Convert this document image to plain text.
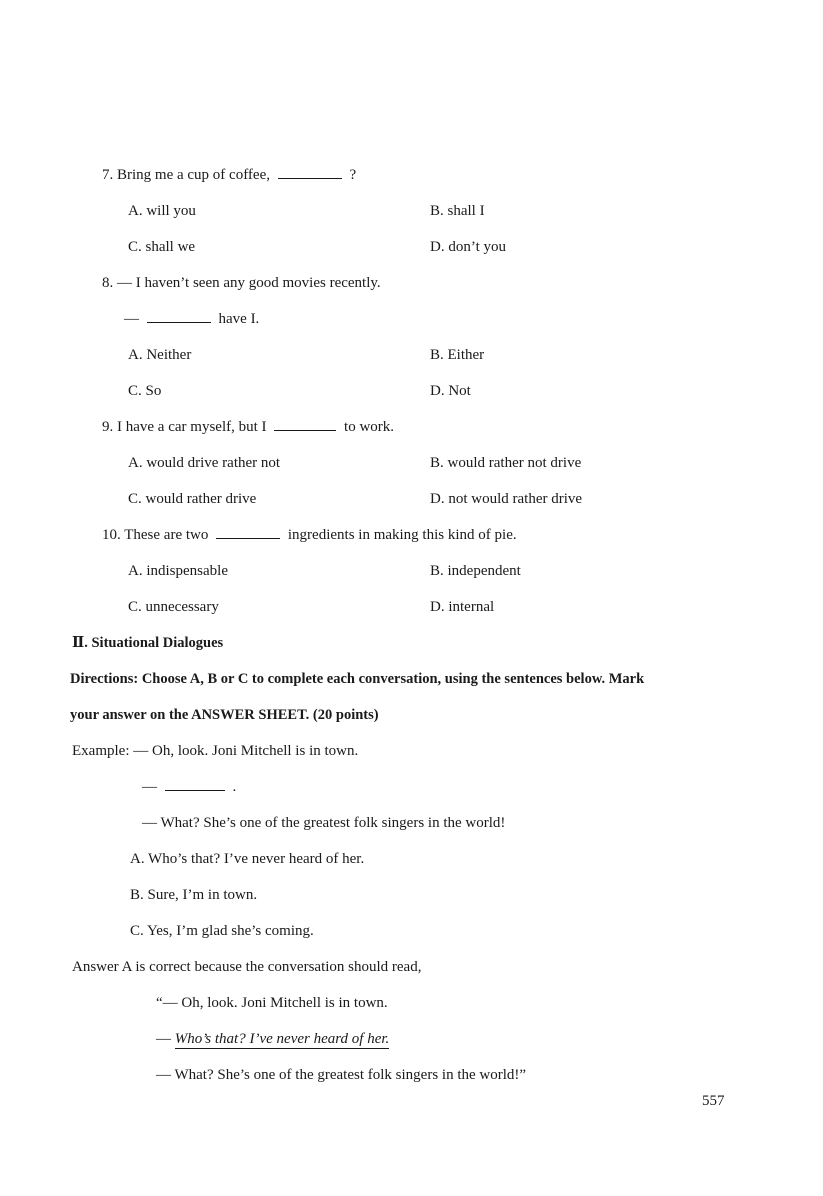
7. Bring me a cup of coffee,	?
A. will you	B. shall I
C. shall we	D. don’t you
8. — I haven’t seen any good movies recently.
—	have I.
A. Neither	B. Either
C. So	D. Not
9. I have a car myself, but I	to work.
A. would drive rather not	B. would rather not drive
C. would rather drive	D. not would rather drive
10. These are two	ingredients in making this kind of pie.
A. indispensable	B. independent
C. unnecessary	D. internal
Ⅱ. Situational Dialogues
Directions: Choose A, B or C to complete each conversation, using the sentences below. Mark
your answer on the ANSWER SHEET. (20 points)
Example: — Oh, look. Joni Mitchell is in town.
—	.
— What? She’s one of the greatest folk singers in the world!
A. Who’s that? I’ve never heard of her.
B. Sure, I’m in town.
C. Yes, I’m glad she’s coming.
Answer A is correct because the conversation should read,
“— Oh, look. Joni Mitchell is in town.
— Who’s that? I’ve never heard of her.
— What? She’s one of the greatest folk singers in the world!”
557
